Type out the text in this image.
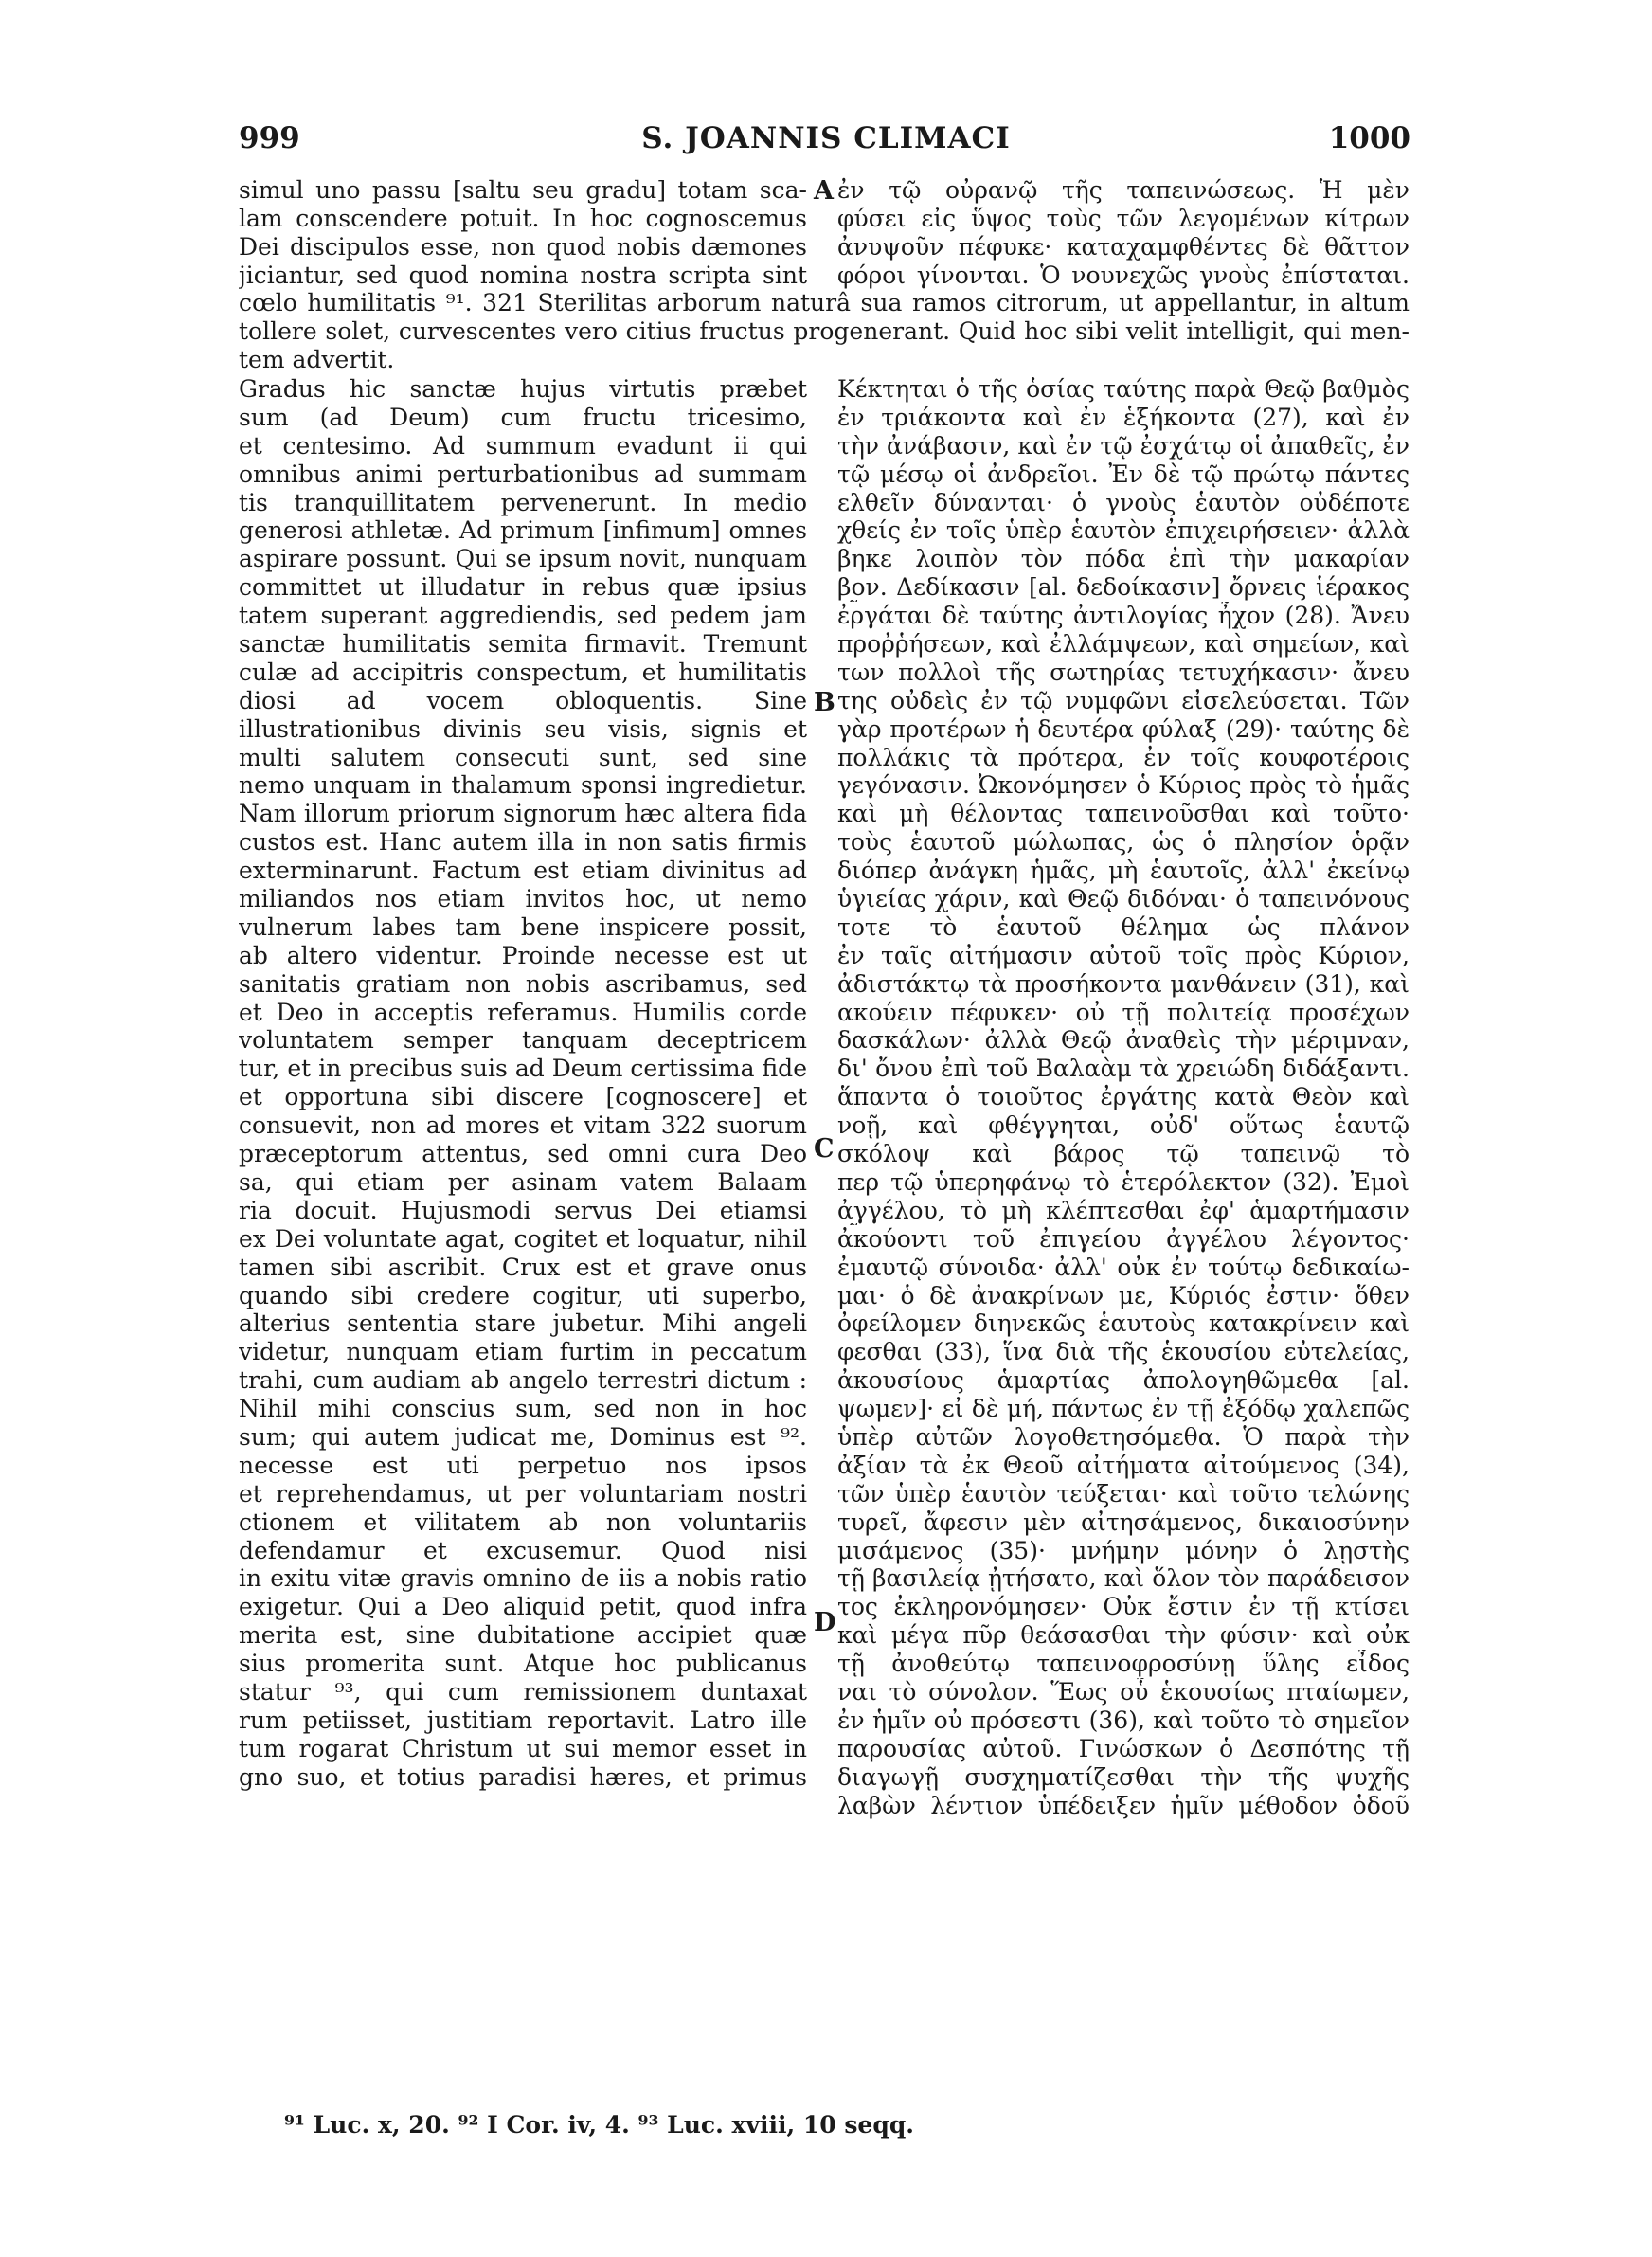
999	S. JOANNIS CLIMACI	1000
simul uno passu [saltu seu gradu] totam sca-
lam conscendere potuit. In hoc cognoscemus
Dei discipulos esse, non quod nobis dæmones
jiciantur, sed quod nomina nostra scripta sint
ἐν τῷ οὐρανῷ τῆς ταπεινώσεως. Ἡ μὲν
φύσει εἰς ὕψος τοὺς τῶν λεγομένων κίτρων
ἀνυψοῦν πέφυκε· καταχαμφθέντες δὲ θᾶττον
φόροι γίνονται. Ὁ νουνεχῶς γνοὺς ἐπίσταται.
cœlo humilitatis ⁹¹. 321 Sterilitas arborum naturâ sua ramos citrorum, ut appellantur, in altum
tollere solet, curvescentes vero citius fructus progenerant. Quid hoc sibi velit intelligit, qui men-
tem advertit.
Gradus hic sanctæ hujus virtutis præbet
sum (ad Deum) cum fructu tricesimo,
et centesimo. Ad summum evadunt ii qui
omnibus animi perturbationibus ad summam
tis tranquillitatem pervenerunt. In medio
generosi athletæ. Ad primum [infimum] omnes
aspirare possunt. Qui se ipsum novit, nunquam
committet ut illudatur in rebus quæ ipsius
tatem superant aggrediendis, sed pedem jam
sanctæ humilitatis semita firmavit. Tremunt
culæ ad accipitris conspectum, et humilitatis
diosi ad vocem obloquentis. Sine
illustrationibus divinis seu visis, signis et
multi salutem consecuti sunt, sed sine
nemo unquam in thalamum sponsi ingredietur.
Nam illorum priorum signorum hæc altera fida
custos est. Hanc autem illa in non satis firmis
exterminarunt. Factum est etiam divinitus ad
miliandos nos etiam invitos hoc, ut nemo
vulnerum labes tam bene inspicere possit,
ab altero videntur. Proinde necesse est ut
sanitatis gratiam non nobis ascribamus, sed
et Deo in acceptis referamus. Humilis corde
voluntatem semper tanquam deceptricem
tur, et in precibus suis ad Deum certissima fide
et opportuna sibi discere [cognoscere] et
consuevit, non ad mores et vitam 322 suorum
præceptorum attentus, sed omni cura Deo
sa, qui etiam per asinam vatem Balaam
ria docuit. Hujusmodi servus Dei etiamsi
ex Dei voluntate agat, cogitet et loquatur, nihil
tamen sibi ascribit. Crux est et grave onus
quando sibi credere cogitur, uti superbo,
alterius sententia stare jubetur. Mihi angeli
videtur, nunquam etiam furtim in peccatum
trahi, cum audiam ab angelo terrestri dictum :
Nihil mihi conscius sum, sed non in hoc
sum; qui autem judicat me, Dominus est ⁹².
necesse est uti perpetuo nos ipsos
et reprehendamus, ut per voluntariam nostri
ctionem et vilitatem ab non voluntariis
defendamur et excusemur. Quod nisi
in exitu vitæ gravis omnino de iis a nobis ratio
exigetur. Qui a Deo aliquid petit, quod infra
merita est, sine dubitatione accipiet quæ
sius promerita sunt. Atque hoc publicanus
statur ⁹³, qui cum remissionem duntaxat
rum petiisset, justitiam reportavit. Latro ille
tum rogarat Christum ut sui memor esset in
gno suo, et totius paradisi hæres, et primus
Κέκτηται ὁ τῆς ὁσίας ταύτης παρὰ Θεῷ βαθμὸς
ἐν τριάκοντα καὶ ἐν ἑξήκοντα (27), καὶ ἐν
τὴν ἀνάβασιν, καὶ ἐν τῷ ἐσχάτῳ οἱ ἀπαθεῖς, ἐν
τῷ μέσῳ οἱ ἀνδρεῖοι. Ἐν δὲ τῷ πρώτῳ πάντες
ελθεῖν δύνανται· ὁ γνοὺς ἑαυτὸν οὐδέποτε
χθείς ἐν τοῖς ὑπὲρ ἑαυτὸν ἐπιχειρήσειεν· ἀλλὰ
βηκε λοιπὸν τὸν πόδα ἐπὶ τὴν μακαρίαν
βον. Δεδίκασιν [al. δεδοίκασιν] ὄρνεις ἱέρακος
ἐργάται δὲ ταύτης ἀντιλογίας ἦχον (28). Ἄνευ
προῤῥήσεων, καὶ ἐλλάμψεων, καὶ σημείων, καὶ
των πολλοὶ τῆς σωτηρίας τετυχήκασιν· ἄνευ
της οὐδεὶς ἐν τῷ νυμφῶνι εἰσελεύσεται. Τῶν
γὰρ προτέρων ἡ δευτέρα φύλαξ (29)· ταύτης δὲ
πολλάκις τὰ πρότερα, ἐν τοῖς κουφοτέροις
γεγόνασιν. Ὠκονόμησεν ὁ Κύριος πρὸς τὸ ἡμᾶς
καὶ μὴ θέλοντας ταπεινοῦσθαι καὶ τοῦτο·
τοὺς ἑαυτοῦ μώλωπας, ὡς ὁ πλησίον ὁρᾷν
διόπερ ἀνάγκη ἡμᾶς, μὴ ἑαυτοῖς, ἀλλ' ἐκείνῳ
ὑγιείας χάριν, καὶ Θεῷ διδόναι· ὁ ταπεινόνους
τοτε τὸ ἑαυτοῦ θέλημα ὡς πλάνον
ἐν ταῖς αἰτήμασιν αὐτοῦ τοῖς πρὸς Κύριον,
ἀδιστάκτῳ τὰ προσήκοντα μανθάνειν (31), καὶ
ακούειν πέφυκεν· οὐ τῇ πολιτείᾳ προσέχων
δασκάλων· ἀλλὰ Θεῷ ἀναθεὶς τὴν μέριμναν,
δι' ὄνου ἐπὶ τοῦ Βαλαὰμ τὰ χρειώδη διδάξαντι.
ἅπαντα ὁ τοιοῦτος ἐργάτης κατὰ Θεὸν καὶ
νοῇ, καὶ φθέγγηται, οὐδ' οὕτως ἑαυτῷ
σκόλοψ καὶ βάρος τῷ ταπεινῷ τὸ
περ τῷ ὑπερηφάνῳ τὸ ἑτερόλεκτον (32). Ἐμοὶ
ἀγγέλου, τὸ μὴ κλέπτεσθαι ἐφ' ἁμαρτήμασιν
ἀκούοντι τοῦ ἐπιγείου ἀγγέλου λέγοντος·
ἐμαυτῷ σύνοιδα· ἀλλ' οὐκ ἐν τούτῳ δεδικαίω-
μαι· ὁ δὲ ἀνακρίνων με, Κύριός ἐστιν· ὅθεν
ὀφείλομεν διηνεκῶς ἑαυτοὺς κατακρίνειν καὶ
φεσθαι (33), ἵνα διὰ τῆς ἑκουσίου εὐτελείας,
ἀκουσίους ἁμαρτίας ἀπολογηθῶμεθα [al.
ψωμεν]· εἰ δὲ μή, πάντως ἐν τῇ ἐξόδῳ χαλεπῶς
ὑπὲρ αὐτῶν λογοθετησόμεθα. Ὁ παρὰ τὴν
ἀξίαν τὰ ἐκ Θεοῦ αἰτήματα αἰτούμενος (34),
τῶν ὑπὲρ ἑαυτὸν τεύξεται· καὶ τοῦτο τελώνης
τυρεῖ, ἄφεσιν μὲν αἰτησάμενος, δικαιοσύνην
μισάμενος (35)· μνήμην μόνην ὁ λῃστὴς
τῇ βασιλείᾳ ᾐτήσατο, καὶ ὅλον τὸν παράδεισον
τος ἐκληρονόμησεν· Οὐκ ἔστιν ἐν τῇ κτίσει
καὶ μέγα πῦρ θεάσασθαι τὴν φύσιν· καὶ οὐκ
τῇ ἀνοθεύτῳ ταπεινοφροσύνῃ ὕλης εἶδος
ναι τὸ σύνολον. Ἕως οὗ ἑκουσίως πταίωμεν,
ἐν ἡμῖν οὐ πρόσεστι (36), καὶ τοῦτο τὸ σημεῖον
παρουσίας αὐτοῦ. Γινώσκων ὁ Δεσπότης τῇ
διαγωγῇ συσχηματίζεσθαι τὴν τῆς ψυχῆς
λαβὼν λέντιον ὑπέδειξεν ἡμῖν μέθοδον ὁδοῦ
A
B
C
D
⁹¹ Luc. x, 20. ⁹² I Cor. iv, 4. ⁹³ Luc. xviii, 10 seqq.
